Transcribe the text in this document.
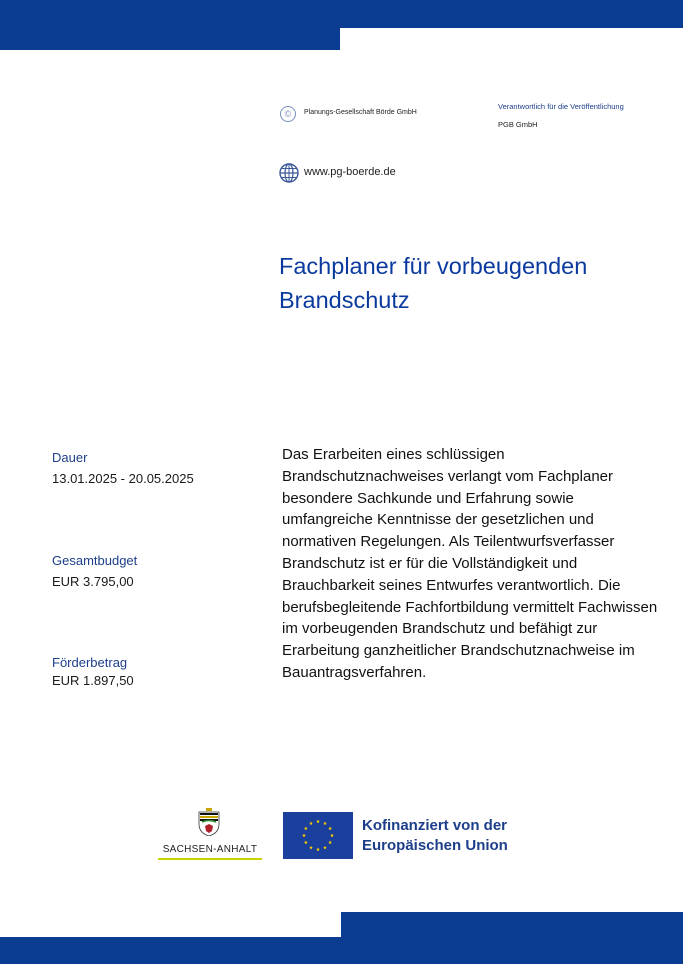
©	Planungs-Gesellschaft Börde GmbH
Verantwortlich für die Veröffentlichung
PGB GmbH
www.pg-boerde.de
Fachplaner für vorbeugenden Brandschutz
Dauer
13.01.2025 - 20.05.2025
Gesamtbudget
EUR 3.795,00
Förderbetrag
EUR 1.897,50

Das Erarbeiten eines schlüssigen Brandschutznachweises verlangt vom Fachplaner besondere Sachkunde und Erfahrung sowie umfangreiche Kenntnisse der gesetzlichen und normativen Regelungen. Als Teilentwurfsverfasser Brandschutz ist er für die Vollständigkeit und Brauchbarkeit seines Entwurfes verantwortlich. Die berufsbegleitende Fachfortbildung vermittelt Fachwissen im vorbeugenden Brandschutz und befähigt zur Erarbeitung ganzheitlicher Brandschutznachweise im Bauantragsverfahren.

SACHSEN-ANHALT
Kofinanziert von der
Europäischen Union
